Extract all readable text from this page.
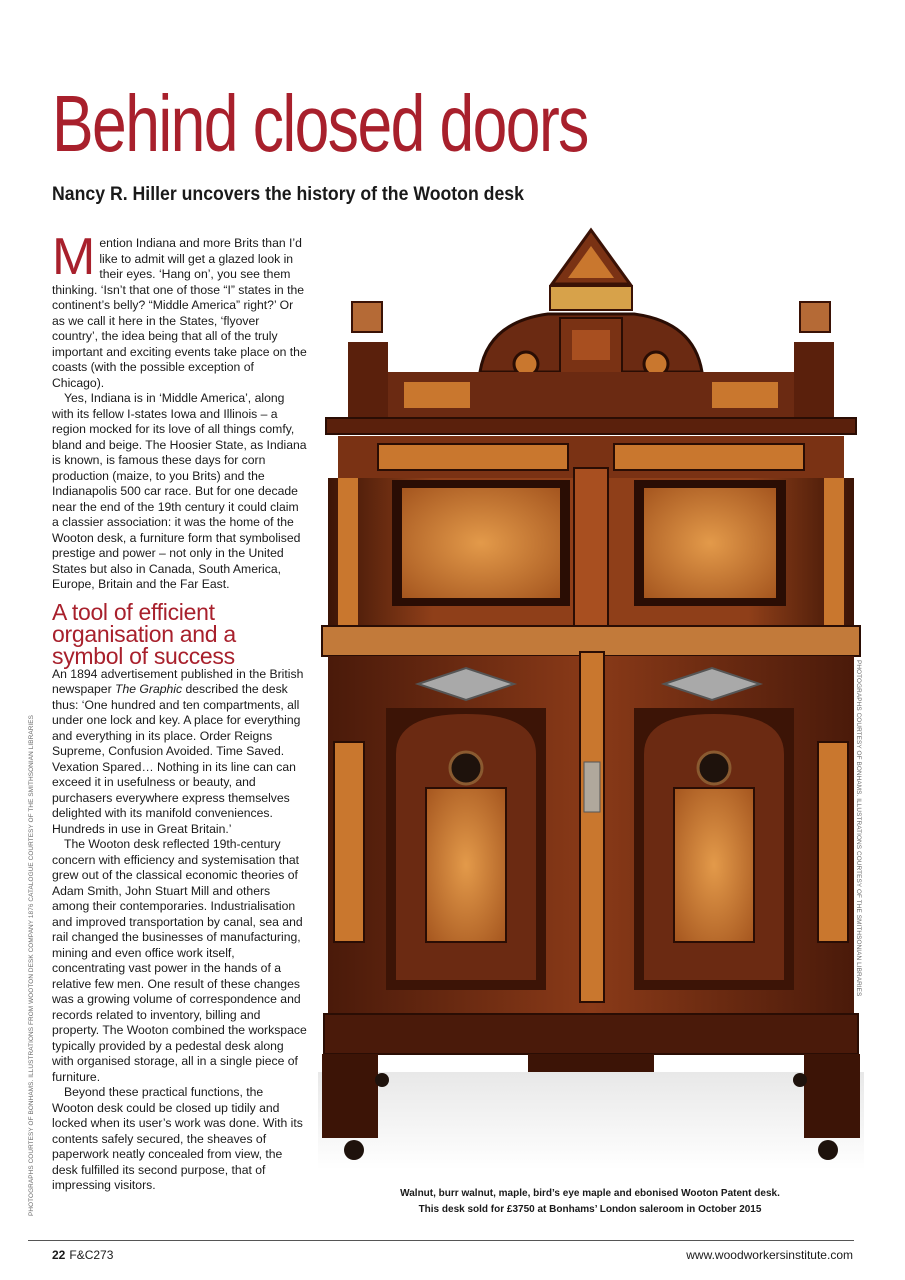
Behind closed doors
Nancy R. Hiller uncovers the history of the Wooton desk

Mention Indiana and more Brits than I’d like to admit will get a glazed look in their eyes. ‘Hang on’, you see them thinking. ‘Isn’t that one of those “I” states in the continent’s belly? “Middle America” right?’ Or as we call it here in the States, ‘flyover country’, the idea being that all of the truly important and exciting events take place on the coasts (with the possible exception of Chicago).

Yes, Indiana is in ‘Middle America’, along with its fellow I-states Iowa and Illinois – a region mocked for its love of all things comfy, bland and beige. The Hoosier State, as Indiana is known, is famous these days for corn production (maize, to you Brits) and the Indianapolis 500 car race. But for one decade near the end of the 19th century it could claim a classier association: it was the home of the Wooton desk, a furniture form that symbolised prestige and power – not only in the United States but also in Canada, South America, Europe, Britain and the Far East.

A tool of efficient organisation and a symbol of success

An 1894 advertisement published in the British newspaper The Graphic described the desk thus: ‘One hundred and ten compartments, all under one lock and key. A place for everything and everything in its place. Order Reigns Supreme, Confusion Avoided. Time Saved. Vexation Spared… Nothing in its line can can exceed it in usefulness or beauty, and purchasers everywhere express themselves delighted with its manifold conveniences. Hundreds in use in Great Britain.’

The Wooton desk reflected 19th-century concern with efficiency and systemisation that grew out of the classical economic theories of Adam Smith, John Stuart Mill and others among their contemporaries. Industrialisation and improved transportation by canal, sea and rail changed the businesses of manufacturing, mining and even office work itself, concentrating vast power in the hands of a relative few men. One result of these changes was a growing volume of correspondence and records related to inventory, billing and property. The Wooton combined the workspace typically provided by a pedestal desk along with organised storage, all in a single piece of furniture.

Beyond these practical functions, the Wooton desk could be closed up tidily and locked when its user’s work was done. With its contents safely secured, the sheaves of paperwork neatly concealed from view, the desk fulfilled its second purpose, that of impressing visitors.

PHOTOGRAPHS COURTESY OF BONHAMS. ILLUSTRATIONS FROM WOOTON DESK COMPANY 1876 CATALOGUE COURTESY OF THE SMITHSONIAN LIBRARIES	PHOTOGRAPHS COURTESY OF BONHAMS. ILLUSTRATIONS COURTESY OF THE SMITHSONIAN LIBRARIES
Walnut, burr walnut, maple, bird’s eye maple and ebonised Wooton Patent desk.
This desk sold for £3750 at Bonhams’ London saleroom in October 2015
22 F&C273	www.woodworkersinstitute.com
